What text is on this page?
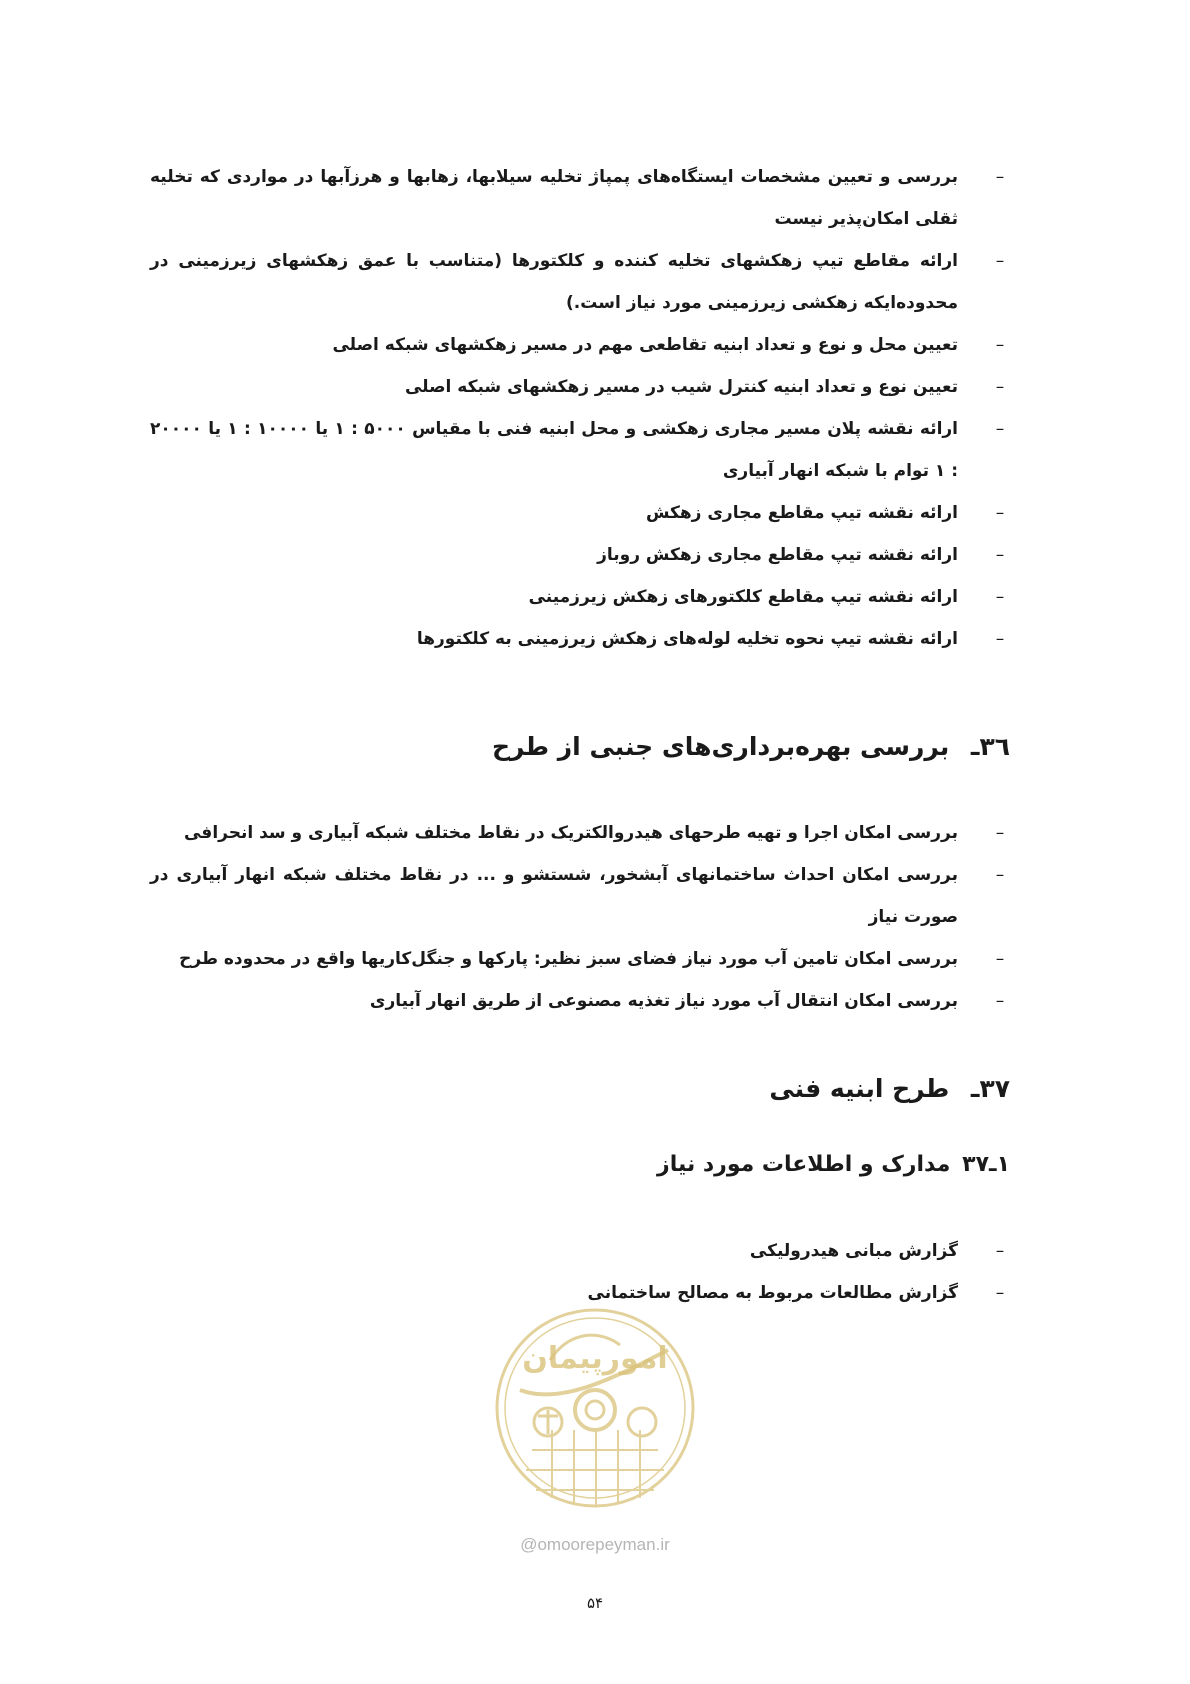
–
بررسی و تعیین مشخصات ایستگاه‌های پمپاژ تخلیه سیلابها، زهابها و هرزآبها در مواردی که تخلیه ثقلی امکان‌پذیر نیست
–
ارائه مقاطع تیپ زهکشهای تخلیه کننده و کلکتورها (متناسب با عمق زهکشهای زیرزمینی در محدوده‌ایکه زهکشی زیرزمینی مورد نیاز است.)
–
تعیین محل و نوع و تعداد ابنیه تقاطعی مهم در مسیر زهکشهای شبکه اصلی
–
تعیین نوع و تعداد ابنیه کنترل شیب در مسیر زهکشهای شبکه اصلی
–
ارائه نقشه پلان مسیر مجاری زهکشی و محل ابنیه فنی با مقیاس ۵۰۰۰ : ۱ یا ۱۰۰۰۰ : ۱ یا ۲۰۰۰۰ : ۱ توام با شبکه انهار آبیاری
–
ارائه نقشه تیپ مقاطع مجاری زهکش
–
ارائه نقشه تیپ مقاطع مجاری زهکش روباز
–
ارائه نقشه تیپ مقاطع کلکتورهای زهکش زیرزمینی
–
ارائه نقشه تیپ نحوه تخلیه لوله‌های زهکش زیرزمینی به کلکتورها
۳٦ـ بررسی بهره‌برداری‌های جنبی از طرح
–
بررسی امکان اجرا و تهیه طرحهای هیدروالکتریک در نقاط مختلف شبکه آبیاری و سد انحرافی
–
بررسی امکان احداث ساختمانهای آبشخور، شستشو و ... در نقاط مختلف شبکه انهار آبیاری در صورت نیاز
–
بررسی امکان تامین آب مورد نیاز فضای سبز نظیر: پارکها و جنگل‌کاریها واقع در محدوده طرح
–
بررسی امکان انتقال آب مورد نیاز تغذیه مصنوعی از طریق انهار آبیاری
۳۷ـ طرح ابنیه فنی
۱ـ۳۷ مدارک و اطلاعات مورد نیاز
–
گزارش مبانی هیدرولیکی
–
گزارش مطالعات مربوط به مصالح ساختمانی
امورپیمان
@omoorepeyman.ir
۵۴
